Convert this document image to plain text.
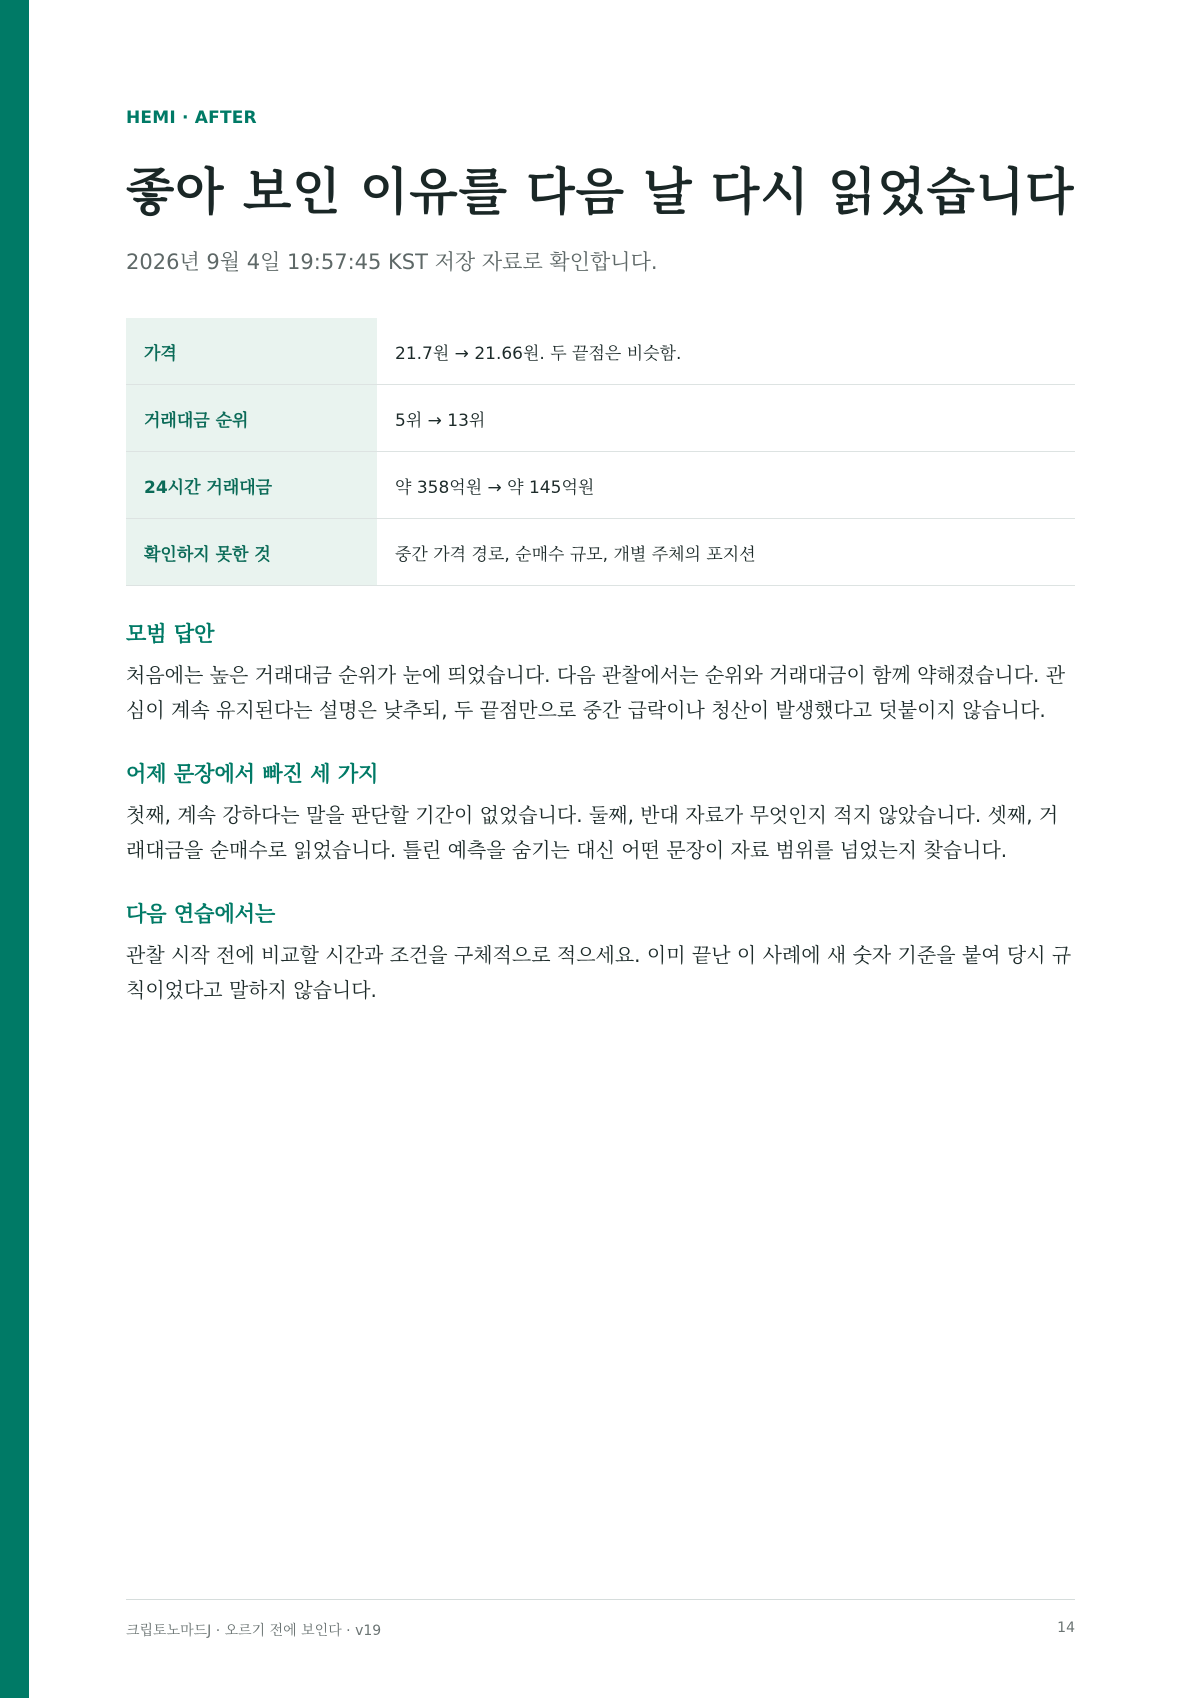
HEMI · AFTER
좋아 보인 이유를 다음 날 다시 읽었습니다
2026년 9월 4일 19:57:45 KST 저장 자료로 확인합니다.
가격	21.7원 → 21.66원. 두 끝점은 비슷함.
거래대금 순위	5위 → 13위
24시간 거래대금	약 358억원 → 약 145억원
확인하지 못한 것	중간 가격 경로, 순매수 규모, 개별 주체의 포지션
모범 답안

처음에는 높은 거래대금 순위가 눈에 띄었습니다. 다음 관찰에서는 순위와 거래대금이 함께 약해졌습니다. 관심이 계속 유지된다는 설명은 낮추되, 두 끝점만으로 중간 급락이나 청산이 발생했다고 덧붙이지 않습니다.

어제 문장에서 빠진 세 가지

첫째, 계속 강하다는 말을 판단할 기간이 없었습니다. 둘째, 반대 자료가 무엇인지 적지 않았습니다. 셋째, 거래대금을 순매수로 읽었습니다. 틀린 예측을 숨기는 대신 어떤 문장이 자료 범위를 넘었는지 찾습니다.

다음 연습에서는

관찰 시작 전에 비교할 시간과 조건을 구체적으로 적으세요. 이미 끝난 이 사례에 새 숫자 기준을 붙여 당시 규칙이었다고 말하지 않습니다.

크립토노마드J · 오르기 전에 보인다 · v19	14
